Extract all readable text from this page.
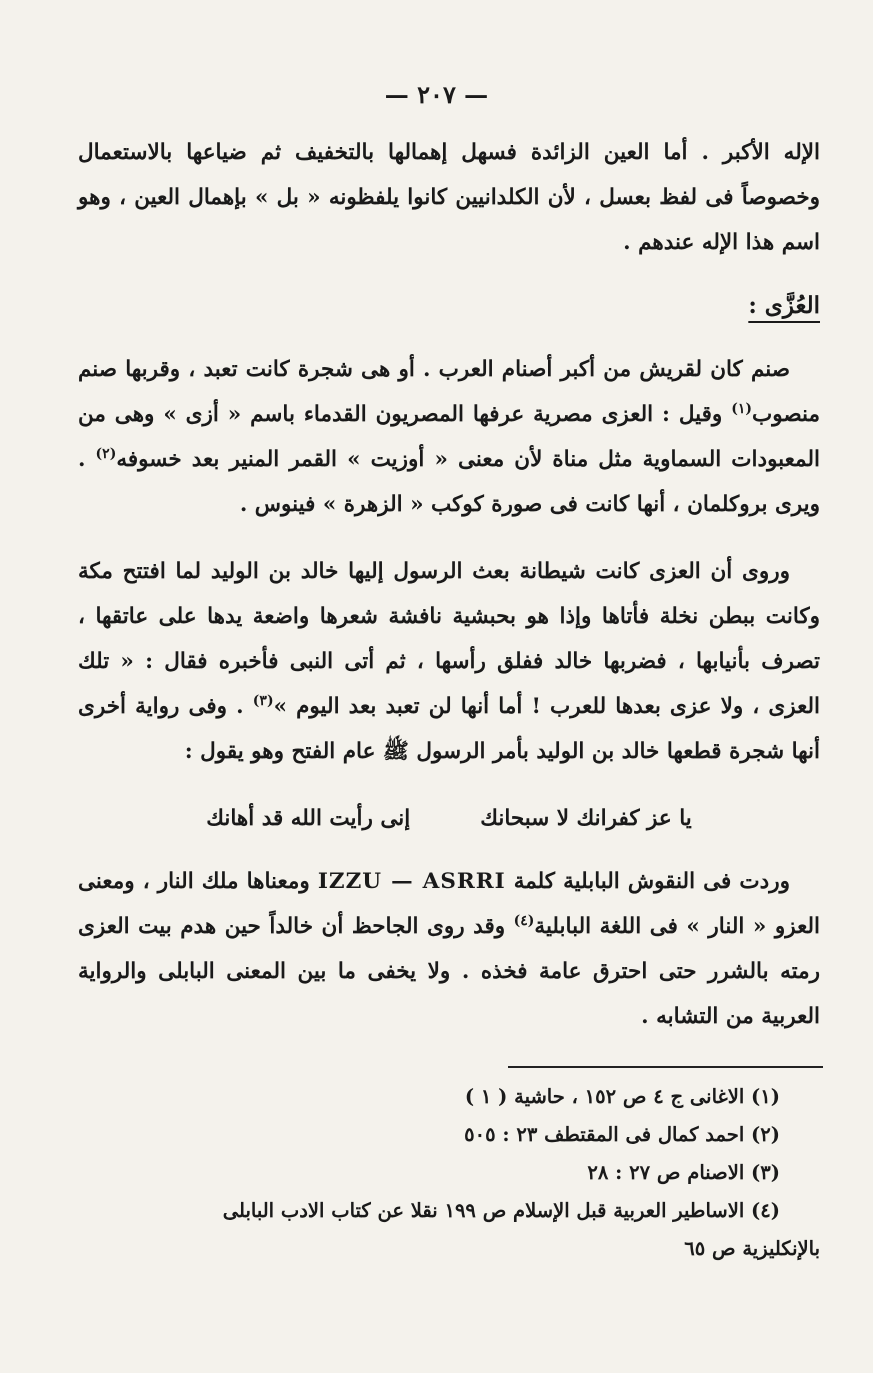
— ٢٠٧ —

الإله الأكبر . أما العين الزائدة فسهل إهمالها بالتخفيف ثم ضياعها بالاستعمال وخصوصاً فى لفظ بعسل ، لأن الكلدانيين كانوا يلفظونه « بل » بإهمال العين ، وهو اسم هذا الإله عندهم .

العُزَّى :

صنم كان لقريش من أكبر أصنام العرب . أو هى شجرة كانت تعبد ، وقربها صنم منصوب$^{(١)}$ وقيل : العزى مصرية عرفها المصريون القدماء باسم « أزى » وهى من المعبودات السماوية مثل مناة لأن معنى « أوزيت » القمر المنير بعد خسوفه$^{(٢)}$ . ويرى بروكلمان ، أنها كانت فى صورة كوكب « الزهرة » فينوس .

وروى أن العزى كانت شيطانة بعث الرسول إليها خالد بن الوليد لما افتتح مكة وكانت ببطن نخلة فأتاها وإذا هو بحبشية نافشة شعرها واضعة يدها على عاتقها ، تصرف بأنيابها ، فضربها خالد ففلق رأسها ، ثم أتى النبى فأخبره فقال : « تلك العزى ، ولا عزى بعدها للعرب ! أما أنها لن تعبد بعد اليوم »$^{(٣)}$ . وفى رواية أخرى أنها شجرة قطعها خالد بن الوليد بأمر الرسول ﷺ عام الفتح وهو يقول :

يا عز كفرانك لا سبحانك
إنى رأيت الله قد أهانك

وردت فى النقوش البابلية كلمة IZZU — ASRRI ومعناها ملك النار ، ومعنى العزو « النار » فى اللغة البابلية$^{(٤)}$ وقد روى الجاحظ أن خالداً حين هدم بيت العزى رمته بالشرر حتى احترق عامة فخذه . ولا يخفى ما بين المعنى البابلى والرواية العربية من التشابه .

(١) الاغانى ج ٤ ص ١٥٢ ، حاشية ( ١ )

(٢) احمد كمال فى المقتطف ٢٣ : ٥٠٥

(٣) الاصنام ص ٢٧ : ٢٨

(٤) الاساطير العربية قبل الإسلام ص ١٩٩ نقلا عن كتاب الادب البابلى

بالإنكليزية ص ٦٥
